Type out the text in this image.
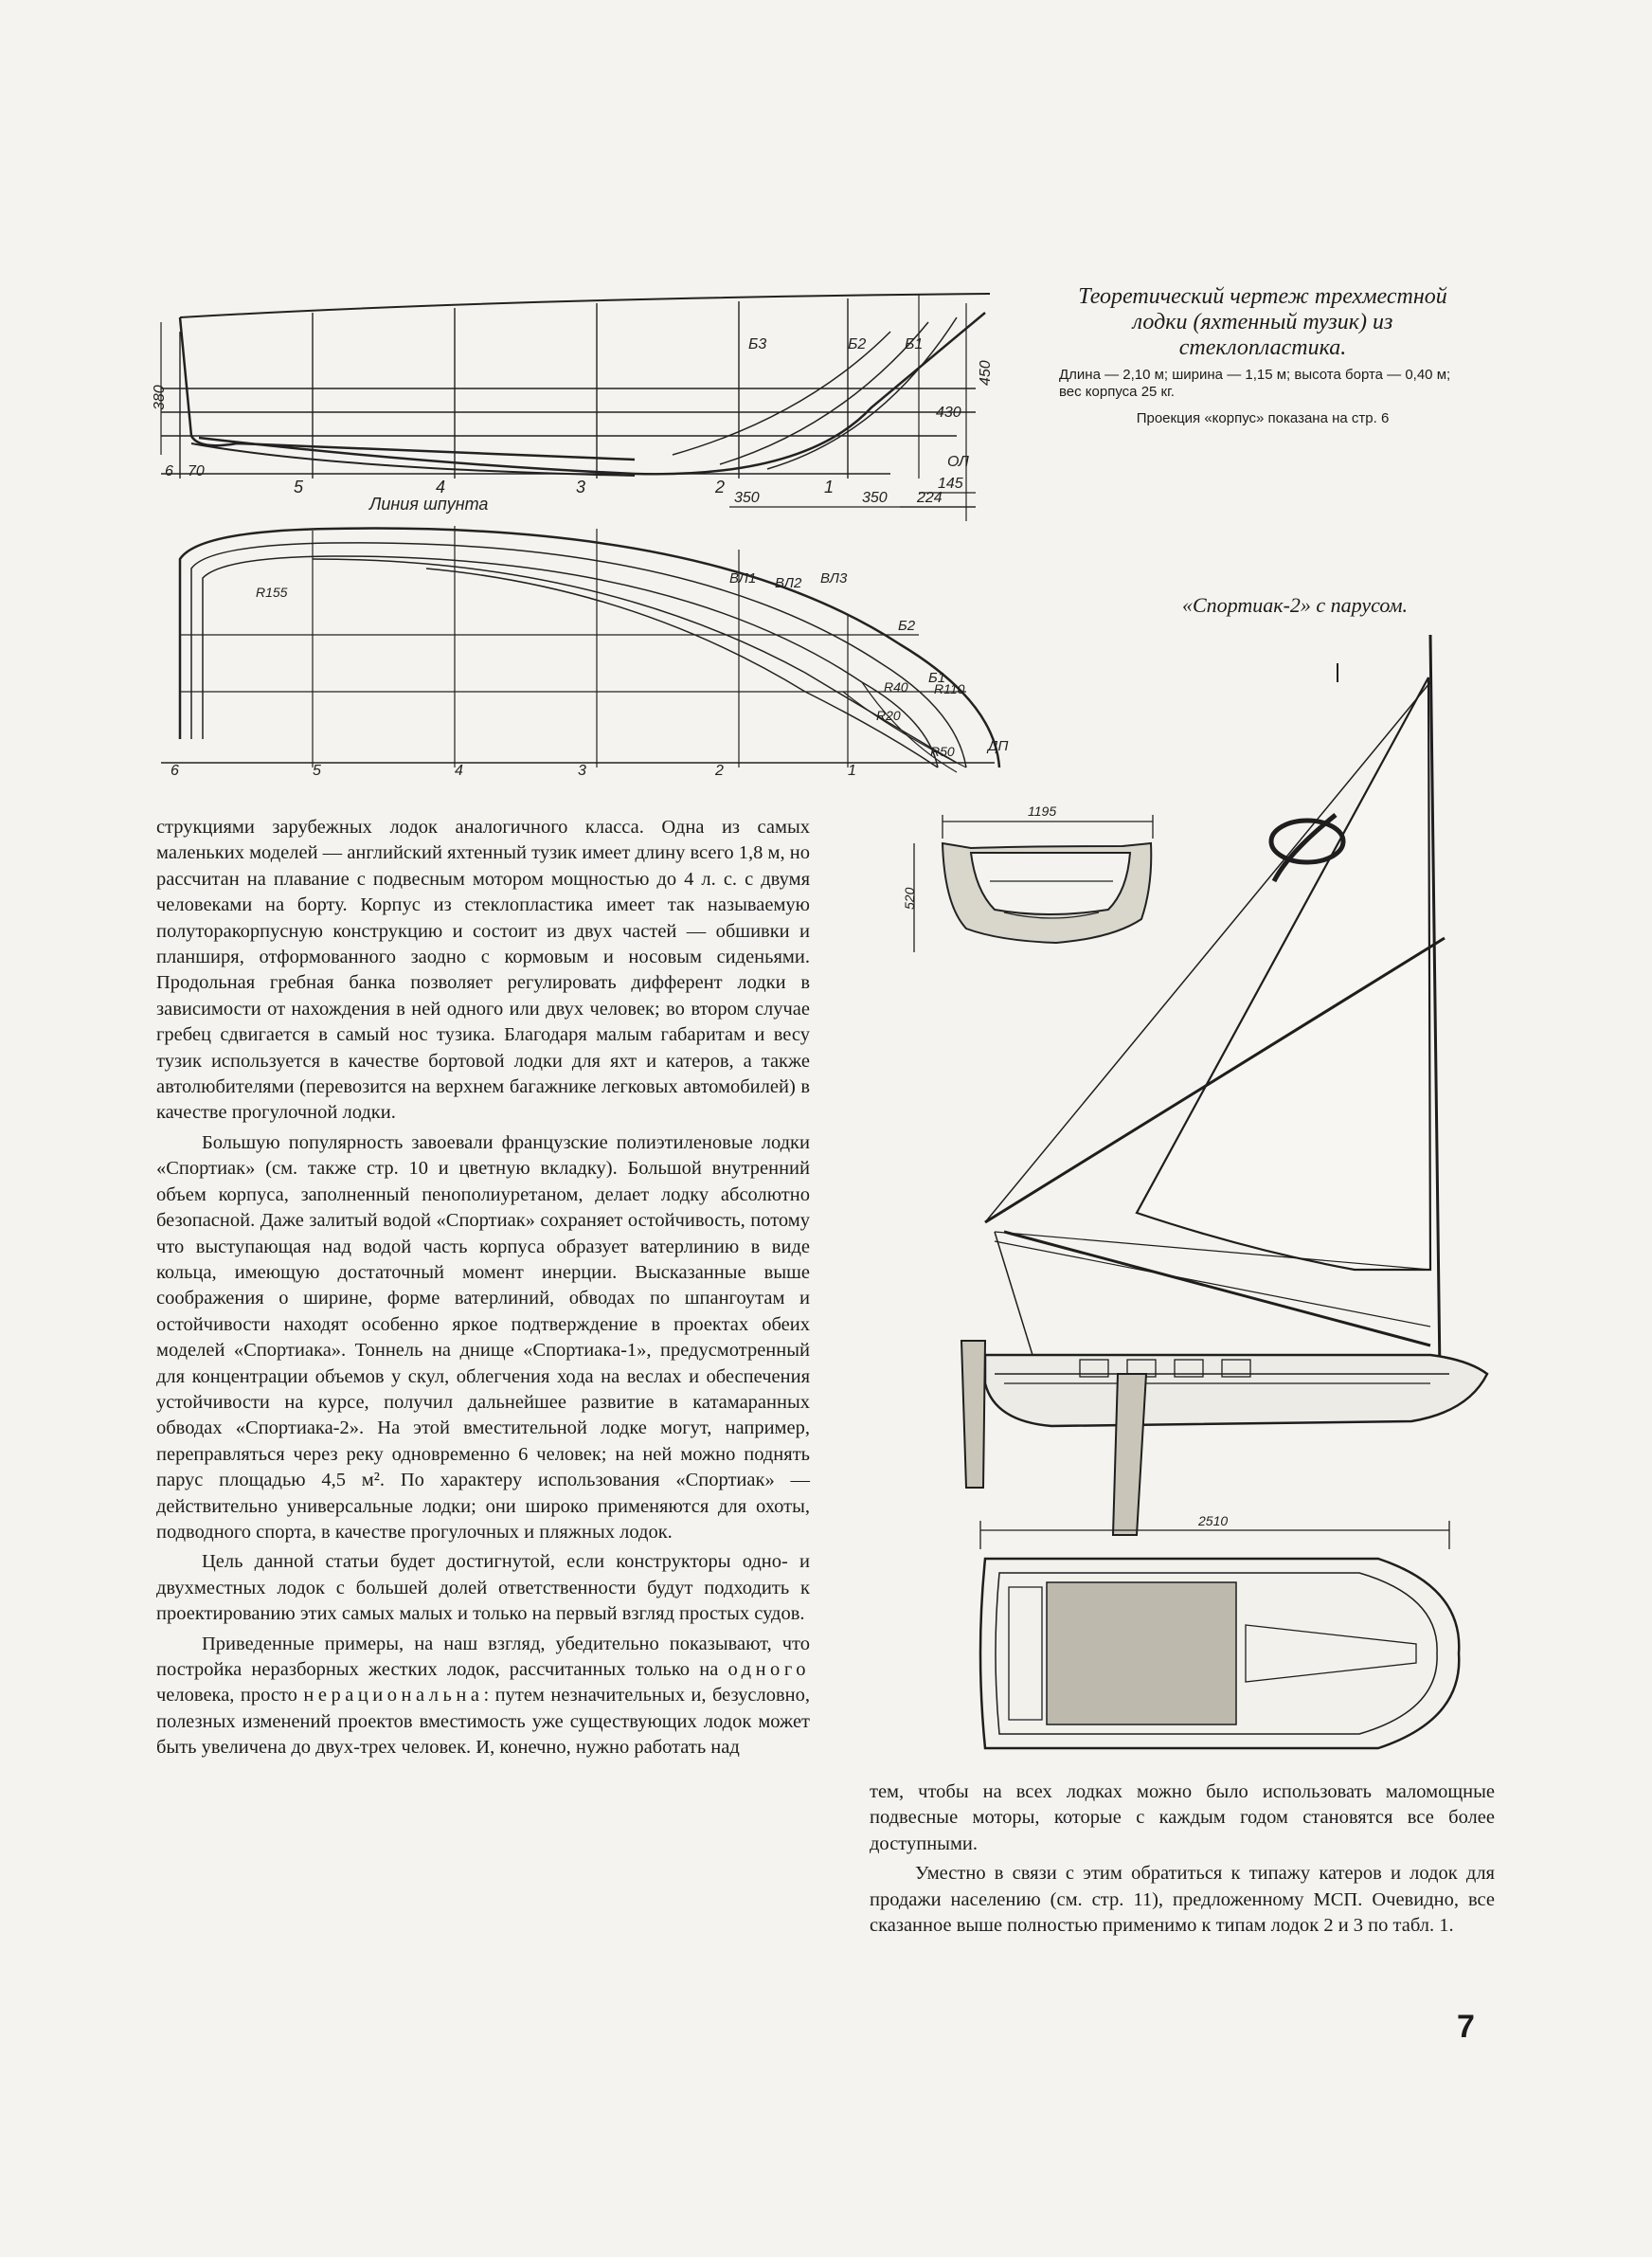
5	4	3	2	1
Линия шпунта
380
450
70
6
430
145
224
350	350
Б3	Б2	Б1
ОЛ
6	5	4	3	2	1
ВЛ1 ВЛ2 ВЛ3
Б2
Б1
ДП
R155
R40 R110
R20
R50

Теоретический чертеж трехместной лодки (яхтенный тузик) из стеклопластика.

Длина — 2,10 м; ширина — 1,15 м; высота борта — 0,40 м; вес корпуса 25 кг.

Проекция «корпус» показана на стр. 6

«Спортиак-2» с парусом.
1195
520
2510

струкциями зарубежных лодок аналогичного класса. Одна из самых маленьких моделей — английский яхтенный тузик имеет длину всего 1,8 м, но рассчитан на плавание с подвесным мотором мощностью до 4 л. с. с двумя человеками на борту. Корпус из стеклопластика имеет так называемую полуторакорпусную конструкцию и состоит из двух частей — обшивки и планширя, отформованного заодно с кормовым и носовым сиденьями. Продольная гребная банка позволяет регулировать дифферент лодки в зависимости от нахождения в ней одного или двух человек; во втором случае гребец сдвигается в самый нос тузика. Благодаря малым габаритам и весу тузик используется в качестве бортовой лодки для яхт и катеров, а также автолюбителями (перевозится на верхнем багажнике легковых автомобилей) в качестве прогулочной лодки.

Большую популярность завоевали французские полиэтиленовые лодки «Спортиак» (см. также стр. 10 и цветную вкладку). Большой внутренний объем корпуса, заполненный пенополиуретаном, делает лодку абсолютно безопасной. Даже залитый водой «Спортиак» сохраняет остойчивость, потому что выступающая над водой часть корпуса образует ватерлинию в виде кольца, имеющую достаточный момент инерции. Высказанные выше соображения о ширине, форме ватерлиний, обводах по шпангоутам и остойчивости находят особенно яркое подтверждение в проектах обеих моделей «Спортиака». Тоннель на днище «Спортиака-1», предусмотренный для концентрации объемов у скул, облегчения хода на веслах и обеспечения устойчивости на курсе, получил дальнейшее развитие в катамаранных обводах «Спортиака-2». На этой вместительной лодке могут, например, переправляться через реку одновременно 6 человек; на ней можно поднять парус площадью 4,5 м². По характеру использования «Спортиак» — действительно универсальные лодки; они широко применяются для охоты, подводного спорта, в качестве прогулочных и пляжных лодок.

Цель данной статьи будет достигнутой, если конструкторы одно- и двухместных лодок с большей долей ответственности будут подходить к проектированию этих самых малых и только на первый взгляд простых судов.

Приведенные примеры, на наш взгляд, убедительно показывают, что постройка неразборных жестких лодок, рассчитанных только на одного человека, просто нерациональна: путем незначительных и, безусловно, полезных изменений проектов вместимость уже существующих лодок может быть увеличена до двух-трех человек. И, конечно, нужно работать над

тем, чтобы на всех лодках можно было использовать маломощные подвесные моторы, которые с каждым годом становятся все более доступными.

Уместно в связи с этим обратиться к типажу катеров и лодок для продажи населению (см. стр. 11), предложенному МСП. Очевидно, все сказанное выше полностью применимо к типам лодок 2 и 3 по табл. 1.

7
